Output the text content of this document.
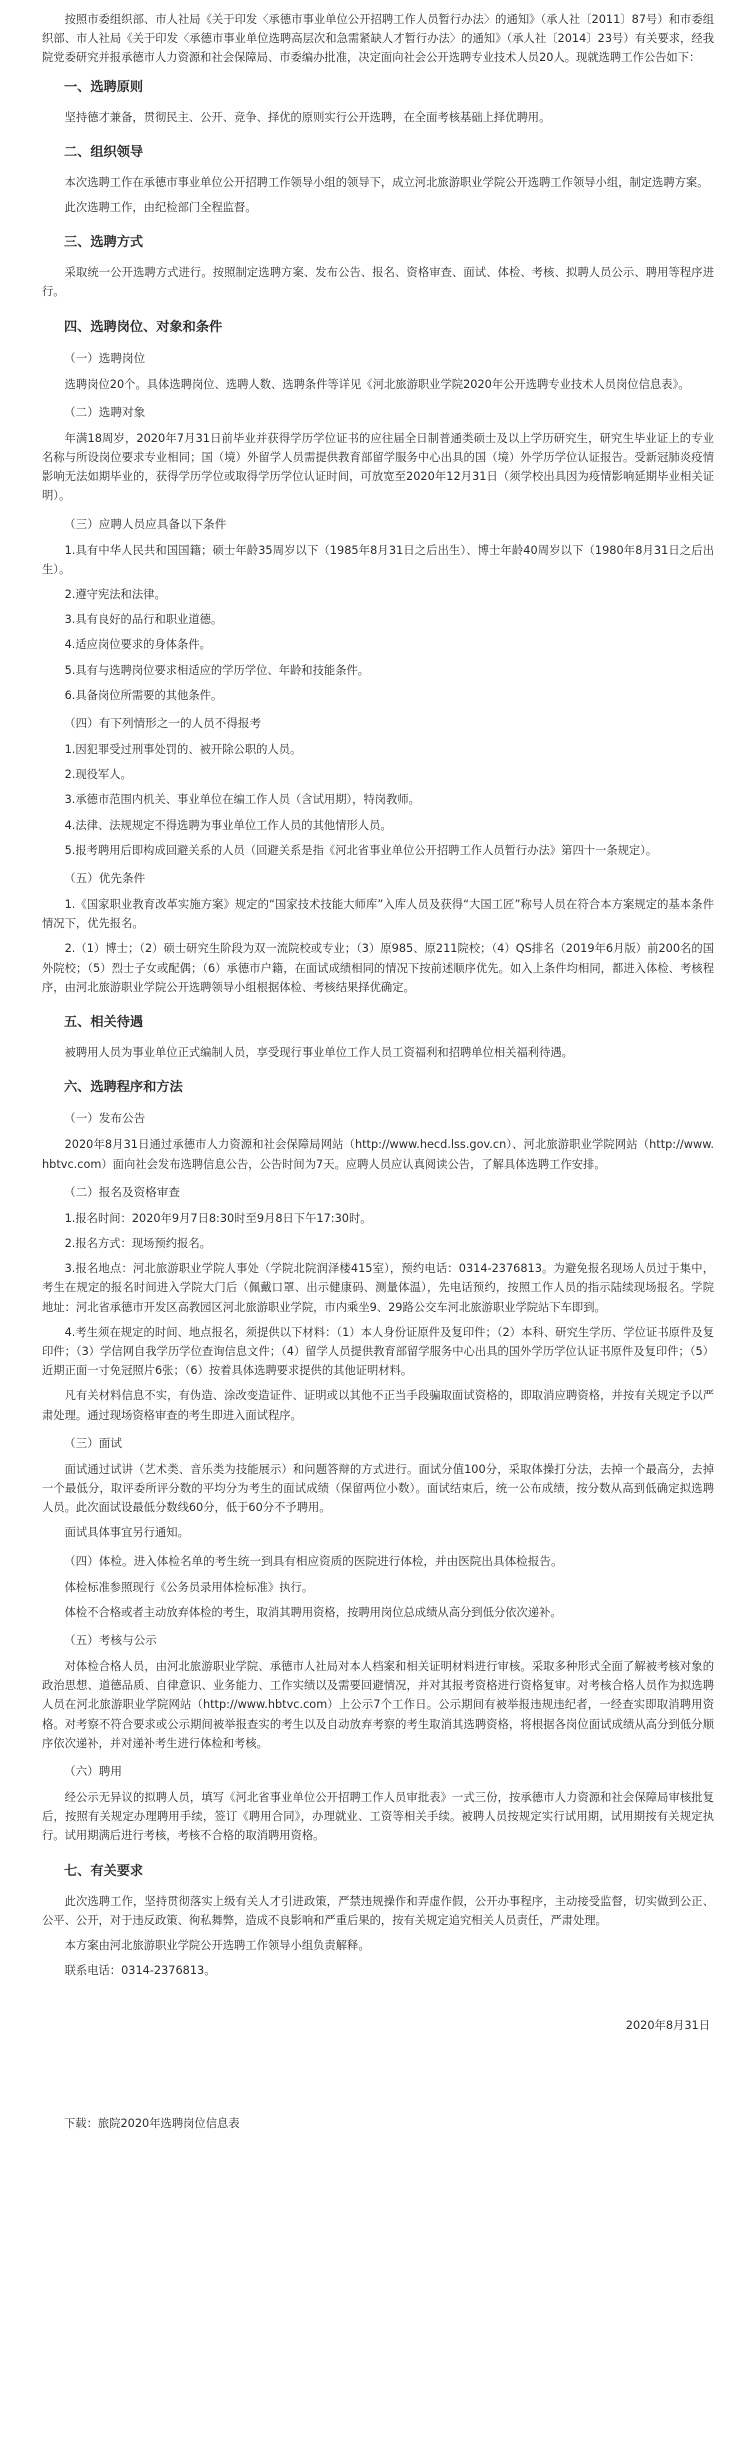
按照市委组织部、市人社局《关于印发〈承德市事业单位公开招聘工作人员暂行办法〉的通知》（承人社〔2011〕87号）和市委组织部、市人社局《关于印发〈承德市事业单位选聘高层次和急需紧缺人才暂行办法〉的通知》（承人社〔2014〕23号）有关要求，经我院党委研究并报承德市人力资源和社会保障局、市委编办批准，决定面向社会公开选聘专业技术人员20人。现就选聘工作公告如下：
一、选聘原则
坚持德才兼备，贯彻民主、公开、竞争、择优的原则实行公开选聘，在全面考核基础上择优聘用。
二、组织领导
本次选聘工作在承德市事业单位公开招聘工作领导小组的领导下，成立河北旅游职业学院公开选聘工作领导小组，制定选聘方案。
此次选聘工作，由纪检部门全程监督。
三、选聘方式
采取统一公开选聘方式进行。按照制定选聘方案、发布公告、报名、资格审查、面试、体检、考核、拟聘人员公示、聘用等程序进行。
四、选聘岗位、对象和条件
（一）选聘岗位
选聘岗位20个。具体选聘岗位、选聘人数、选聘条件等详见《河北旅游职业学院2020年公开选聘专业技术人员岗位信息表》。
（二）选聘对象
年满18周岁，2020年7月31日前毕业并获得学历学位证书的应往届全日制普通类硕士及以上学历研究生，研究生毕业证上的专业名称与所设岗位要求专业相同；国（境）外留学人员需提供教育部留学服务中心出具的国（境）外学历学位认证报告。受新冠肺炎疫情影响无法如期毕业的，获得学历学位或取得学历学位认证时间，可放宽至2020年12月31日（须学校出具因为疫情影响延期毕业相关证明）。
（三）应聘人员应具备以下条件
1.具有中华人民共和国国籍；硕士年龄35周岁以下（1985年8月31日之后出生）、博士年龄40周岁以下（1980年8月31日之后出生）。
2.遵守宪法和法律。
3.具有良好的品行和职业道德。
4.适应岗位要求的身体条件。
5.具有与选聘岗位要求相适应的学历学位、年龄和技能条件。
6.具备岗位所需要的其他条件。
（四）有下列情形之一的人员不得报考
1.因犯罪受过刑事处罚的、被开除公职的人员。
2.现役军人。
3.承德市范围内机关、事业单位在编工作人员（含试用期），特岗教师。
4.法律、法规规定不得选聘为事业单位工作人员的其他情形人员。
5.报考聘用后即构成回避关系的人员（回避关系是指《河北省事业单位公开招聘工作人员暂行办法》第四十一条规定）。
（五）优先条件
1.《国家职业教育改革实施方案》规定的“国家技术技能大师库”入库人员及获得“大国工匠”称号人员在符合本方案规定的基本条件情况下，优先报名。
2.（1）博士；（2）硕士研究生阶段为双一流院校或专业；（3）原985、原211院校；（4）QS排名（2019年6月版）前200名的国外院校；（5）烈士子女或配偶；（6）承德市户籍，在面试成绩相同的情况下按前述顺序优先。如入上条件均相同，都进入体检、考核程序，由河北旅游职业学院公开选聘领导小组根据体检、考核结果择优确定。
五、相关待遇
被聘用人员为事业单位正式编制人员，享受现行事业单位工作人员工资福利和招聘单位相关福利待遇。
六、选聘程序和方法
（一）发布公告
2020年8月31日通过承德市人力资源和社会保障局网站（http://www.hecd.lss.gov.cn）、河北旅游职业学院网站（http://www.hbtvc.com）面向社会发布选聘信息公告，公告时间为7天。应聘人员应认真阅读公告，了解具体选聘工作安排。
（二）报名及资格审查
1.报名时间：2020年9月7日8:30时至9月8日下午17:30时。
2.报名方式：现场预约报名。
3.报名地点：河北旅游职业学院人事处（学院北院润泽楼415室），预约电话：0314-2376813。为避免报名现场人员过于集中，考生在规定的报名时间进入学院大门后（佩戴口罩、出示健康码、测量体温），先电话预约，按照工作人员的指示陆续现场报名。学院地址：河北省承德市开发区高教园区河北旅游职业学院，市内乘坐9、29路公交车河北旅游职业学院站下车即到。
4.考生须在规定的时间、地点报名，须提供以下材料：（1）本人身份证原件及复印件；（2）本科、研究生学历、学位证书原件及复印件；（3）学信网自我学历学位查询信息文件；（4）留学人员提供教育部留学服务中心出具的国外学历学位认证书原件及复印件；（5）近期正面一寸免冠照片6张；（6）按着具体选聘要求提供的其他证明材料。
凡有关材料信息不实，有伪造、涂改变造证件、证明或以其他不正当手段骗取面试资格的，即取消应聘资格，并按有关规定予以严肃处理。通过现场资格审查的考生即进入面试程序。
（三）面试
面试通过试讲（艺术类、音乐类为技能展示）和问题答辩的方式进行。面试分值100分，采取体操打分法，去掉一个最高分，去掉一个最低分，取评委所评分数的平均分为考生的面试成绩（保留两位小数）。面试结束后，统一公布成绩，按分数从高到低确定拟选聘人员。此次面试设最低分数线60分，低于60分不予聘用。
面试具体事宜另行通知。
（四）体检。进入体检名单的考生统一到具有相应资质的医院进行体检，并由医院出具体检报告。
体检标准参照现行《公务员录用体检标准》执行。
体检不合格或者主动放弃体检的考生，取消其聘用资格，按聘用岗位总成绩从高分到低分依次递补。
（五）考核与公示
对体检合格人员，由河北旅游职业学院、承德市人社局对本人档案和相关证明材料进行审核。采取多种形式全面了解被考核对象的政治思想、道德品质、自律意识、业务能力、工作实绩以及需要回避情况，并对其报考资格进行资格复审。对考核合格人员作为拟选聘人员在河北旅游职业学院网站（http://www.hbtvc.com）上公示7个工作日。公示期间有被举报违规违纪者，一经查实即取消聘用资格。对考察不符合要求或公示期间被举报查实的考生以及自动放弃考察的考生取消其选聘资格，将根据各岗位面试成绩从高分到低分顺序依次递补，并对递补考生进行体检和考核。
（六）聘用
经公示无异议的拟聘人员，填写《河北省事业单位公开招聘工作人员审批表》一式三份，按承德市人力资源和社会保障局审核批复后，按照有关规定办理聘用手续，签订《聘用合同》，办理就业、工资等相关手续。被聘人员按规定实行试用期，试用期按有关规定执行。试用期满后进行考核，考核不合格的取消聘用资格。
七、有关要求
此次选聘工作，坚持贯彻落实上级有关人才引进政策，严禁违规操作和弄虚作假，公开办事程序，主动接受监督，切实做到公正、公平、公开，对于违反政策、徇私舞弊，造成不良影响和严重后果的，按有关规定追究相关人员责任，严肃处理。
本方案由河北旅游职业学院公开选聘工作领导小组负责解释。
联系电话：0314-2376813。
2020年8月31日
下载：旅院2020年选聘岗位信息表
